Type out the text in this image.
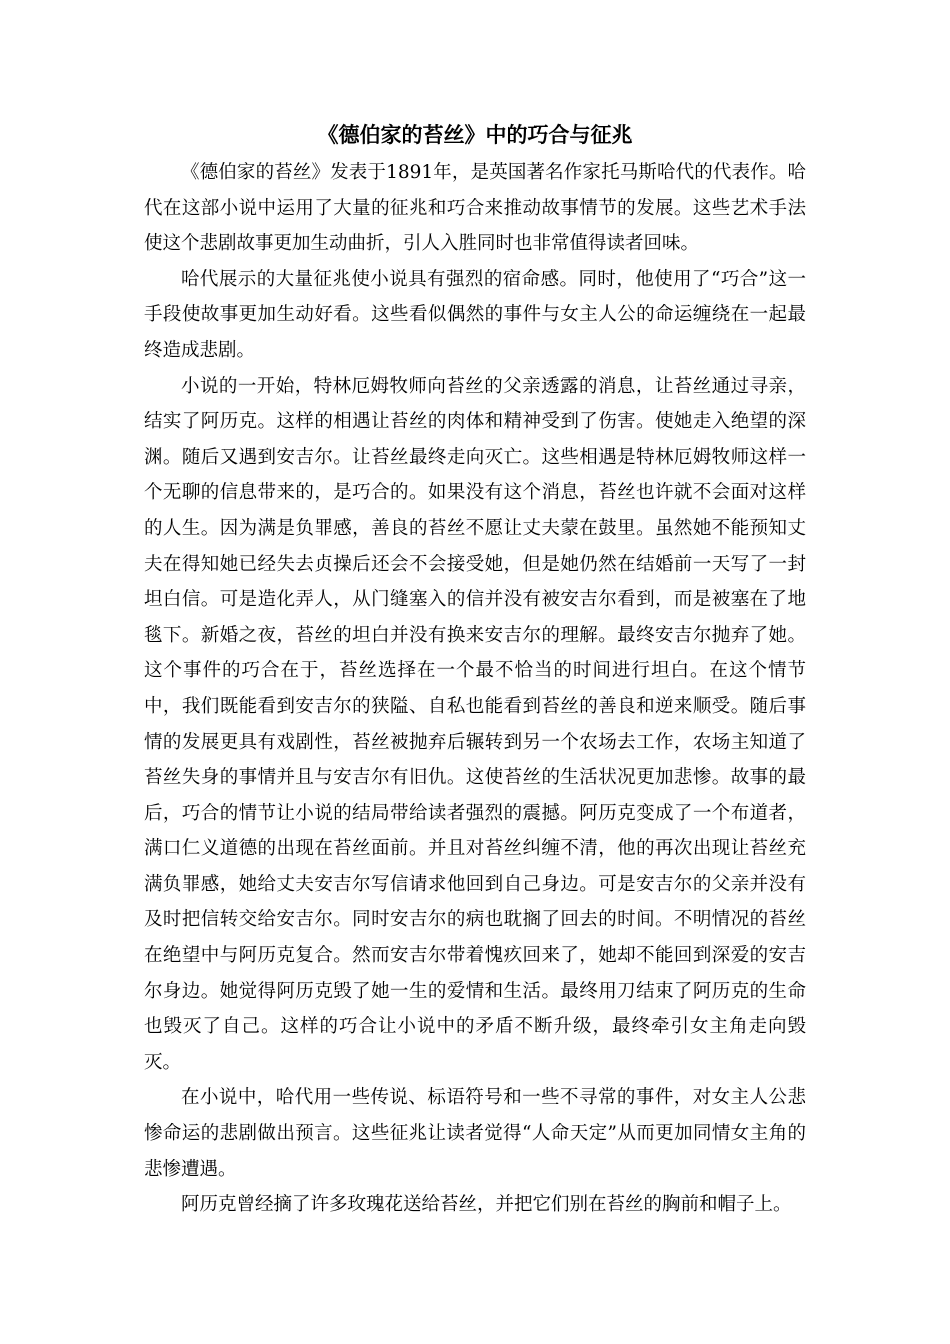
《德伯家的苔丝》中的巧合与征兆

《德伯家的苔丝》发表于1891年，是英国著名作家托马斯哈代的代表作。哈代在这部小说中运用了大量的征兆和巧合来推动故事情节的发展。这些艺术手法使这个悲剧故事更加生动曲折，引人入胜同时也非常值得读者回味。

哈代展示的大量征兆使小说具有强烈的宿命感。同时，他使用了“巧合”这一手段使故事更加生动好看。这些看似偶然的事件与女主人公的命运缠绕在一起最终造成悲剧。

小说的一开始，特林厄姆牧师向苔丝的父亲透露的消息，让苔丝通过寻亲，结实了阿历克。这样的相遇让苔丝的肉体和精神受到了伤害。使她走入绝望的深渊。随后又遇到安吉尔。让苔丝最终走向灭亡。这些相遇是特林厄姆牧师这样一个无聊的信息带来的，是巧合的。如果没有这个消息，苔丝也许就不会面对这样的人生。因为满是负罪感，善良的苔丝不愿让丈夫蒙在鼓里。虽然她不能预知丈夫在得知她已经失去贞操后还会不会接受她，但是她仍然在结婚前一天写了一封坦白信。可是造化弄人，从门缝塞入的信并没有被安吉尔看到，而是被塞在了地毯下。新婚之夜，苔丝的坦白并没有换来安吉尔的理解。最终安吉尔抛弃了她。这个事件的巧合在于，苔丝选择在一个最不恰当的时间进行坦白。在这个情节中，我们既能看到安吉尔的狭隘、自私也能看到苔丝的善良和逆来顺受。随后事情的发展更具有戏剧性，苔丝被抛弃后辗转到另一个农场去工作，农场主知道了苔丝失身的事情并且与安吉尔有旧仇。这使苔丝的生活状况更加悲惨。故事的最后，巧合的情节让小说的结局带给读者强烈的震撼。阿历克变成了一个布道者，满口仁义道德的出现在苔丝面前。并且对苔丝纠缠不清，他的再次出现让苔丝充满负罪感，她给丈夫安吉尔写信请求他回到自己身边。可是安吉尔的父亲并没有及时把信转交给安吉尔。同时安吉尔的病也耽搁了回去的时间。不明情况的苔丝在绝望中与阿历克复合。然而安吉尔带着愧疚回来了，她却不能回到深爱的安吉尔身边。她觉得阿历克毁了她一生的爱情和生活。最终用刀结束了阿历克的生命也毁灭了自己。这样的巧合让小说中的矛盾不断升级，最终牵引女主角走向毁灭。

在小说中，哈代用一些传说、标语符号和一些不寻常的事件，对女主人公悲惨命运的悲剧做出预言。这些征兆让读者觉得“人命天定”从而更加同情女主角的悲惨遭遇。

阿历克曾经摘了许多玫瑰花送给苔丝，并把它们别在苔丝的胸前和帽子上。
